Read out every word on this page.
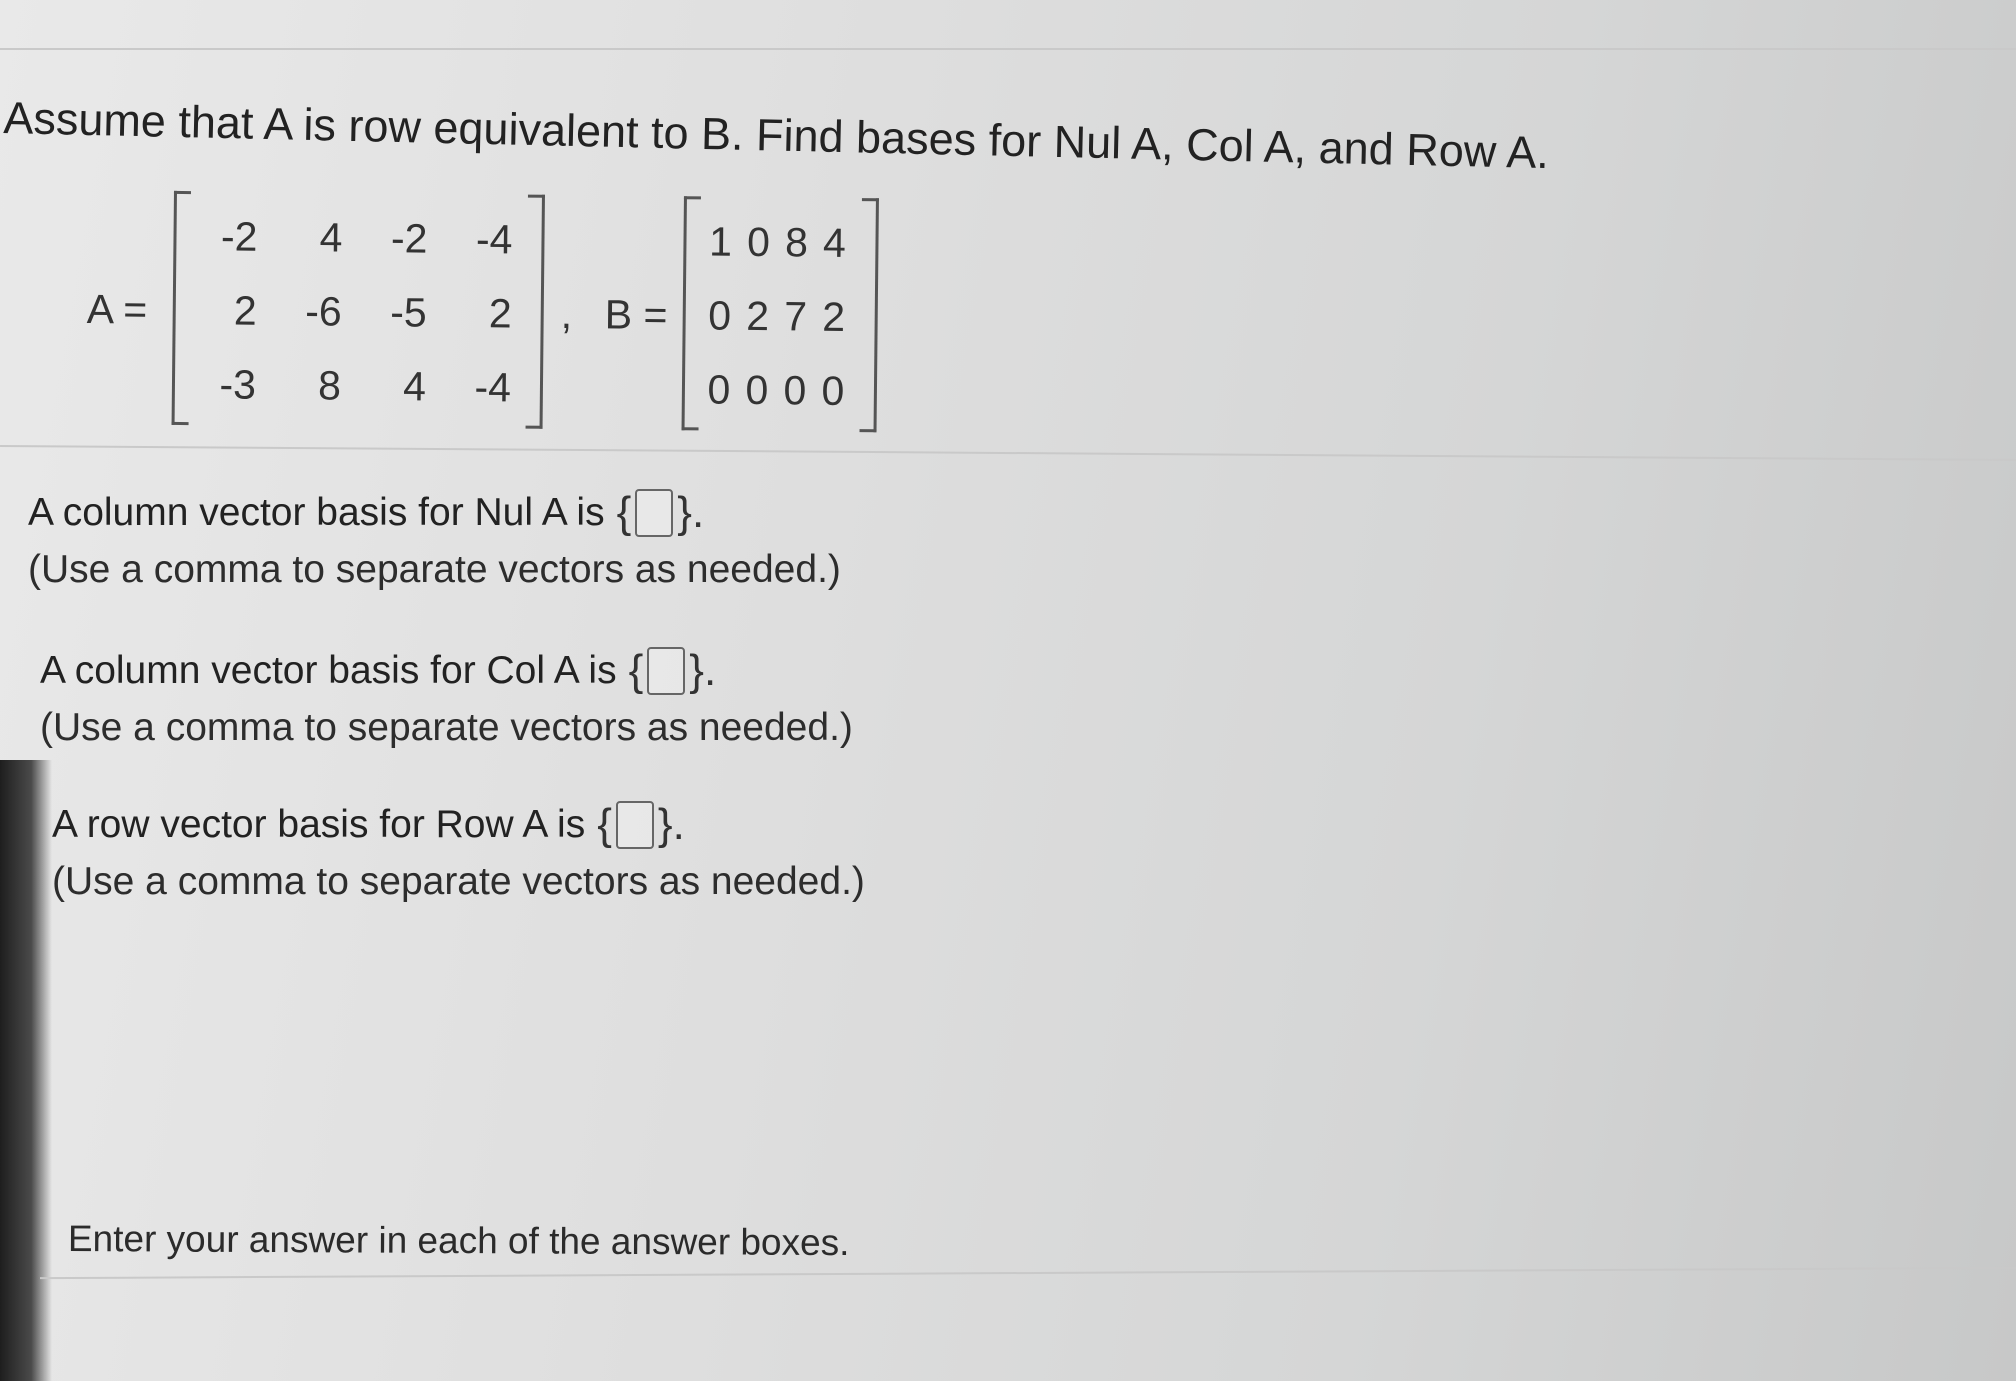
Assume that A is row equivalent to B. Find bases for Nul A, Col A, and Row A.
A =
-2	4	-2	-4
2	-6	-5	2
-3	8	4	-4
, B =
1 0 8 4
0 2 7 2
0 0 0 0
A column vector basis for Nul A is { }.
(Use a comma to separate vectors as needed.)
A column vector basis for Col A is { }.
(Use a comma to separate vectors as needed.)
A row vector basis for Row A is { }.
(Use a comma to separate vectors as needed.)
Enter your answer in each of the answer boxes.
